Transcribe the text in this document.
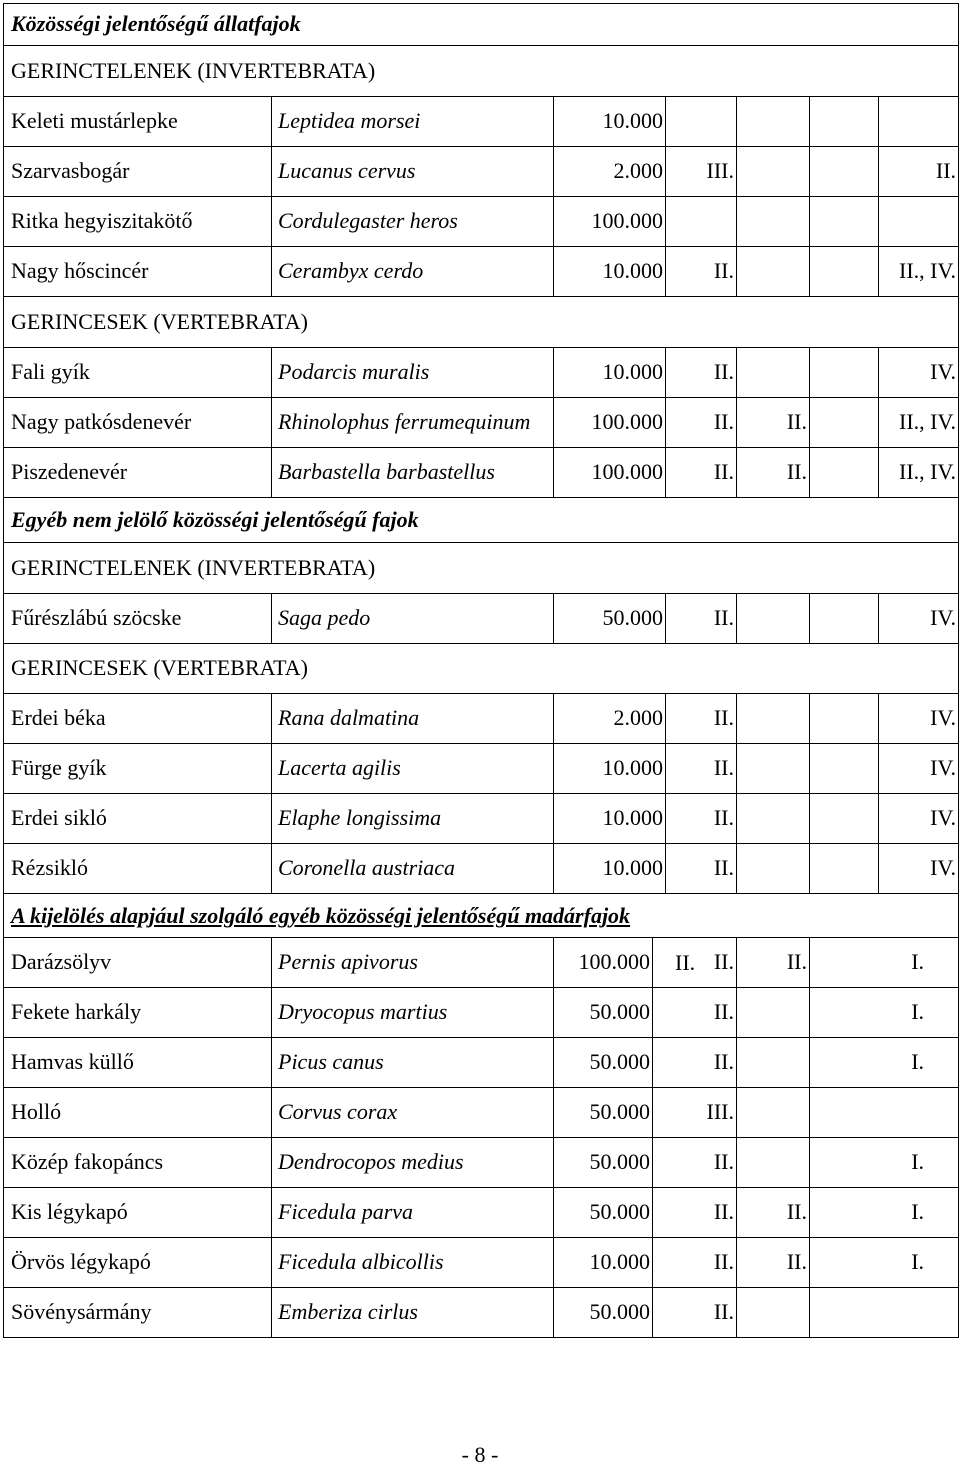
Közösségi jelentőségű állatfajok							
GERINCTELENEK (INVERTEBRATA)							
Keleti mustárlepke	Leptidea morsei	10.000					
Szarvasbogár	Lucanus cervus	2.000		III.			II.
Ritka hegyiszitakötő	Cordulegaster heros	100.000					
Nagy hőscincér	Cerambyx cerdo	10.000		II.			II., IV.
GERINCESEK (VERTEBRATA)							
Fali gyík	Podarcis muralis	10.000		II.			IV.
Nagy patkósdenevér	Rhinolophus ferrumequinum	100.000		II.	II.		II., IV.
Piszedenevér	Barbastella barbastellus	100.000		II.	II.		II., IV.
Egyéb nem jelölő közösségi jelentőségű fajok							
GERINCTELENEK (INVERTEBRATA)							
Fűrészlábú szöcske	Saga pedo	50.000		II.			IV.
GERINCESEK (VERTEBRATA)							
Erdei béka	Rana dalmatina	2.000		II.			IV.
Fürge gyík	Lacerta agilis	10.000		II.			IV.
Erdei sikló	Elaphe longissima	10.000		II.			IV.
Rézsikló	Coronella austriaca	10.000		II.			IV.
A kijelölés alapjául szolgáló egyéb közösségi jelentőségű madárfajok							
Darázsölyv	Pernis apivorus	100.000	II. II.		II.	I.	
Fekete harkály	Dryocopus martius	50.000	II.			I.	
Hamvas küllő	Picus canus	50.000	II.			I.	
Holló	Corvus corax	50.000	III.				
Közép fakopáncs	Dendrocopos medius	50.000	II.			I.	
Kis légykapó	Ficedula parva	50.000	II.		II.	I.	
Örvös légykapó	Ficedula albicollis	10.000	II.		II.	I.	
Sövénysármány	Emberiza cirlus	50.000	II.				
- 8 -
